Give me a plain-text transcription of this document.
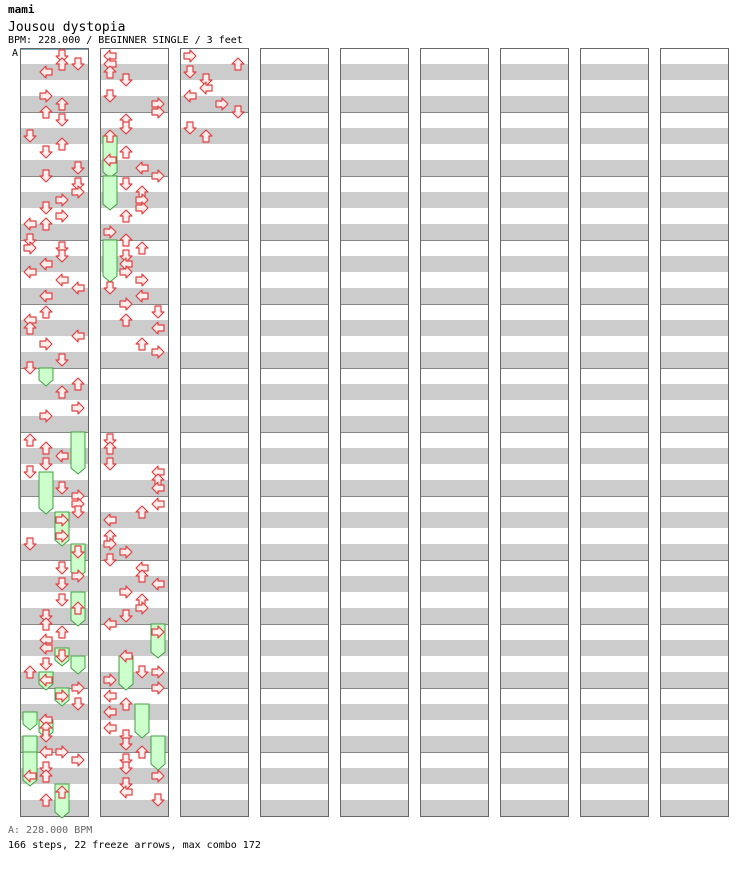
mami
Jousou dystopia
BPM: 228.000 / BEGINNER SINGLE / 3 feet
A
A: 228.000 BPM
166 steps, 22 freeze arrows, max combo 172
